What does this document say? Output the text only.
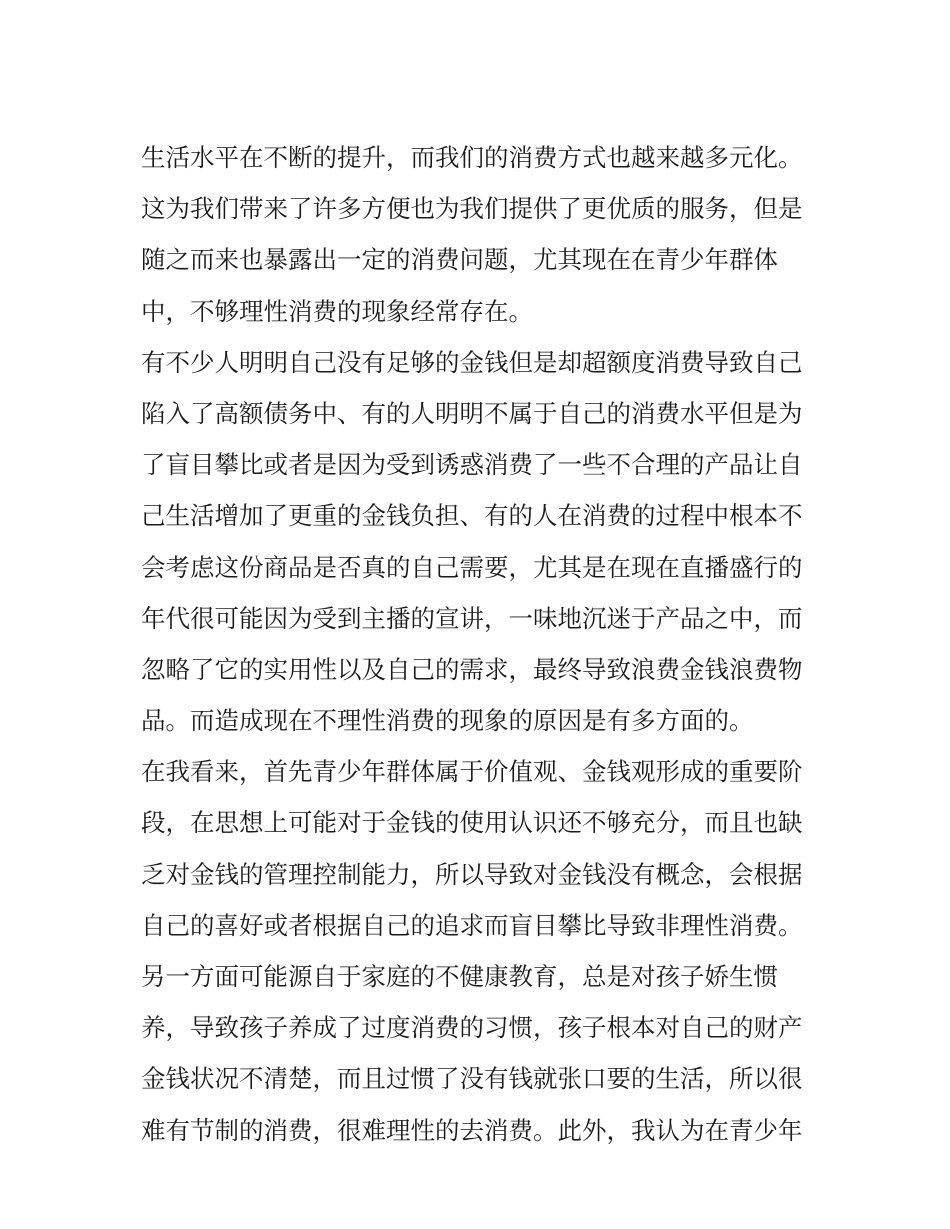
生活水平在不断的提升，而我们的消费方式也越来越多元化。
这为我们带来了许多方便也为我们提供了更优质的服务，但是
随之而来也暴露出一定的消费问题，尤其现在在青少年群体
中，不够理性消费的现象经常存在。
有不少人明明自己没有足够的金钱但是却超额度消费导致自己
陷入了高额债务中、有的人明明不属于自己的消费水平但是为
了盲目攀比或者是因为受到诱惑消费了一些不合理的产品让自
己生活增加了更重的金钱负担、有的人在消费的过程中根本不
会考虑这份商品是否真的自己需要，尤其是在现在直播盛行的
年代很可能因为受到主播的宣讲，一味地沉迷于产品之中，而
忽略了它的实用性以及自己的需求，最终导致浪费金钱浪费物
品。而造成现在不理性消费的现象的原因是有多方面的。
在我看来，首先青少年群体属于价值观、金钱观形成的重要阶
段，在思想上可能对于金钱的使用认识还不够充分，而且也缺
乏对金钱的管理控制能力，所以导致对金钱没有概念，会根据
自己的喜好或者根据自己的追求而盲目攀比导致非理性消费。
另一方面可能源自于家庭的不健康教育，总是对孩子娇生惯
养，导致孩子养成了过度消费的习惯，孩子根本对自己的财产
金钱状况不清楚，而且过惯了没有钱就张口要的生活，所以很
难有节制的消费，很难理性的去消费。此外，我认为在青少年
